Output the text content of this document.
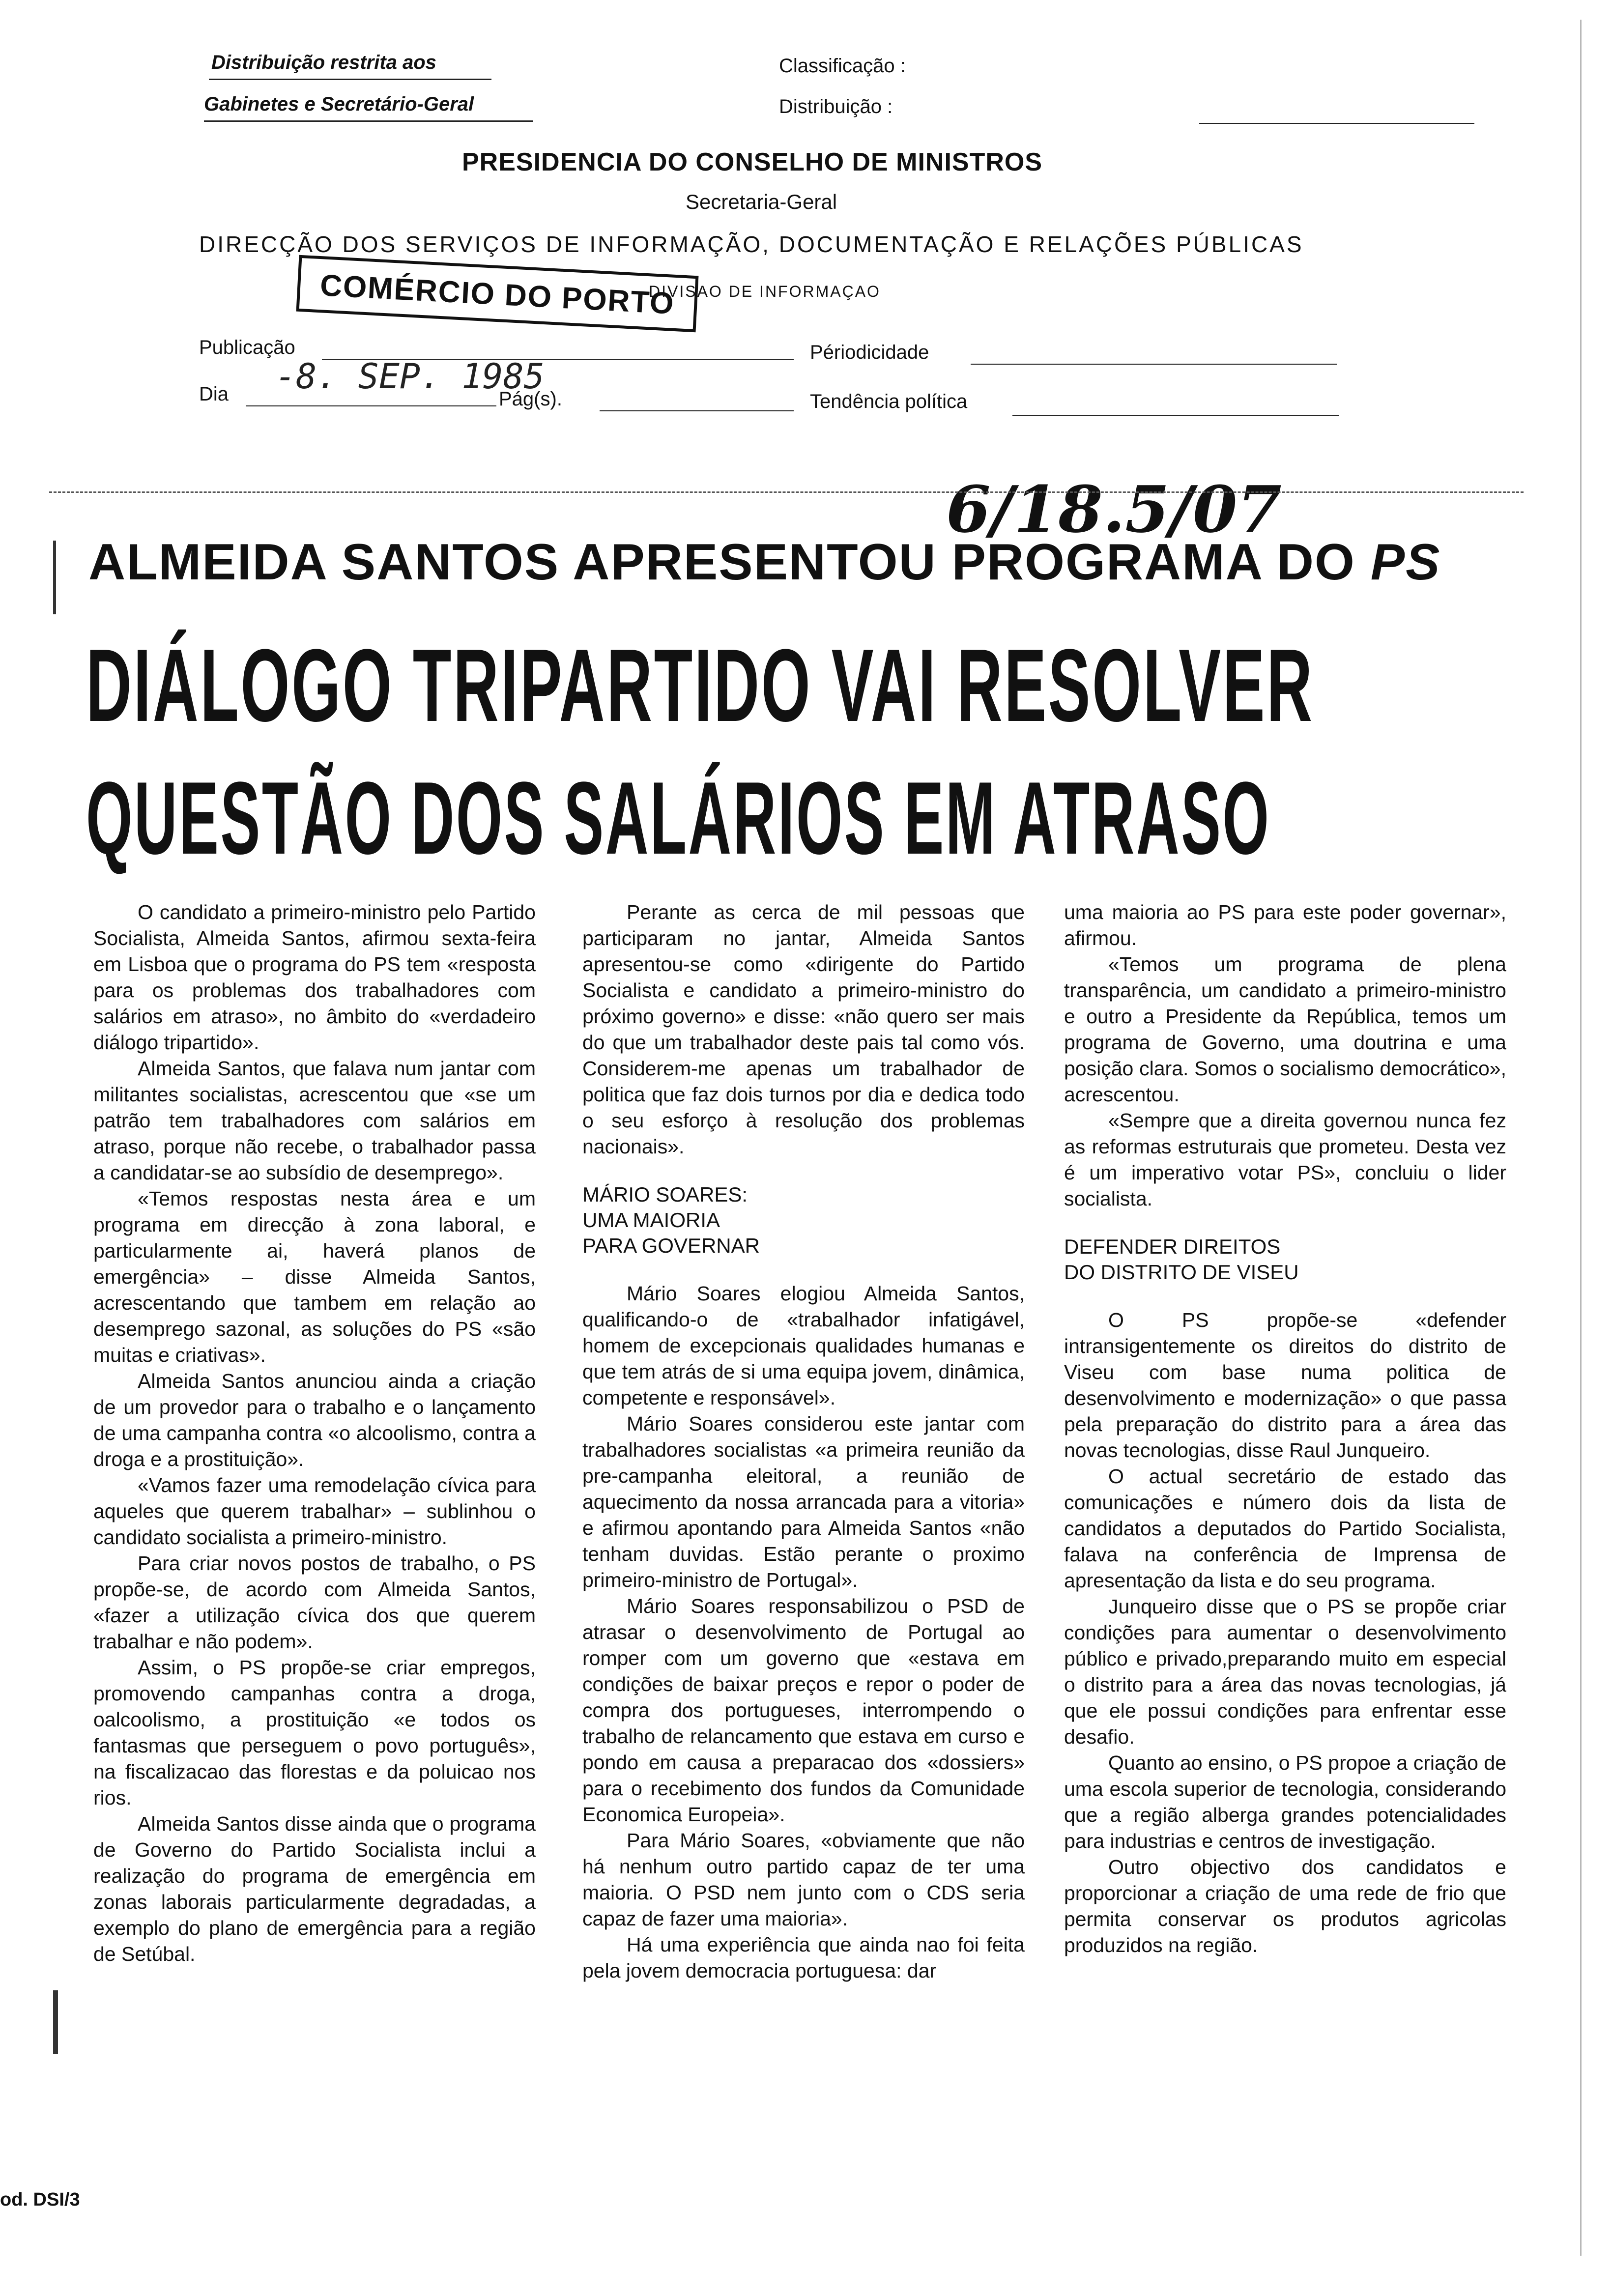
Distribuição restrita aos
Gabinetes e Secretário-Geral
Classificação :
Distribuição :
PRESIDENCIA DO CONSELHO DE MINISTROS
Secretaria-Geral
DIRECÇÃO DOS SERVIÇOS DE INFORMAÇÃO, DOCUMENTAÇÃO E RELAÇÕES PÚBLICAS
COMÉRCIO DO PORTO
DIVISAO DE INFORMAÇAO
Publicação	Périodicidade
Dia -8. SEP. 1985
Pág(s).	Tendência política
6/18.5/07
ALMEIDA SANTOS APRESENTOU PROGRAMA DO PS
DIÁLOGO TRIPARTIDO VAI RESOLVER
QUESTÃO DOS SALÁRIOS EM ATRASO

O candidato a primeiro-ministro pelo Partido Socialista, Almeida Santos, afirmou sexta-feira em Lisboa que o programa do PS tem «resposta para os problemas dos trabalhadores com salários em atraso», no âmbito do «verdadeiro diálogo tripartido».

Almeida Santos, que falava num jantar com militantes socialistas, acrescentou que «se um patrão tem trabalhadores com salários em atraso, porque não recebe, o trabalhador passa a candidatar-se ao subsídio de desemprego».

«Temos respostas nesta área e um programa em direcção à zona laboral, e particularmente ai, haverá planos de emergência» – disse Almeida Santos, acrescentando que tambem em relação ao desemprego sazonal, as soluções do PS «são muitas e criativas».

Almeida Santos anunciou ainda a criação de um provedor para o trabalho e o lançamento de uma campanha contra «o alcoolismo, contra a droga e a prostituição».

«Vamos fazer uma remodelação cívica para aqueles que querem trabalhar» – sublinhou o candidato socialista a primeiro-ministro.

Para criar novos postos de trabalho, o PS propõe-se, de acordo com Almeida Santos, «fazer a utilização cívica dos que querem trabalhar e não podem».

Assim, o PS propõe-se criar empregos, promovendo campanhas contra a droga, oalcoolismo, a prostituição «e todos os fantasmas que perseguem o povo português», na fiscalizacao das florestas e da poluicao nos rios.

Almeida Santos disse ainda que o programa de Governo do Partido Socialista inclui a realização do programa de emergência em zonas laborais particularmente degradadas, a exemplo do plano de emergência para a região de Setúbal.

Perante as cerca de mil pessoas que participaram no jantar, Almeida Santos apresentou-se como «dirigente do Partido Socialista e candidato a primeiro-ministro do próximo governo» e disse: «não quero ser mais do que um trabalhador deste pais tal como vós. Considerem-me apenas um trabalhador de politica que faz dois turnos por dia e dedica todo o seu esforço à resolução dos problemas nacionais».

MÁRIO SOARES:
UMA MAIORIA
PARA GOVERNAR

Mário Soares elogiou Almeida Santos, qualificando-o de «trabalhador infatigável, homem de excepcionais qualidades humanas e que tem atrás de si uma equipa jovem, dinâmica, competente e responsável».

Mário Soares considerou este jantar com trabalhadores socialistas «a primeira reunião da pre-campanha eleitoral, a reunião de aquecimento da nossa arrancada para a vitoria» e afirmou apontando para Almeida Santos «não tenham duvidas. Estão perante o proximo primeiro-ministro de Portugal».

Mário Soares responsabilizou o PSD de atrasar o desenvolvimento de Portugal ao romper com um governo que «estava em condições de baixar preços e repor o poder de compra dos portugueses, interrompendo o trabalho de relancamento que estava em curso e pondo em causa a preparacao dos «dossiers» para o recebimento dos fundos da Comunidade Economica Europeia».

Para Mário Soares, «obviamente que não há nenhum outro partido capaz de ter uma maioria. O PSD nem junto com o CDS seria capaz de fazer uma maioria».

Há uma experiência que ainda nao foi feita pela jovem democracia portuguesa: dar

uma maioria ao PS para este poder governar», afirmou.

«Temos um programa de plena transparência, um candidato a primeiro-ministro e outro a Presidente da República, temos um programa de Governo, uma doutrina e uma posição clara. Somos o socialismo democrático», acrescentou.

«Sempre que a direita governou nunca fez as reformas estruturais que prometeu. Desta vez é um imperativo votar PS», concluiu o lider socialista.

DEFENDER DIREITOS
DO DISTRITO DE VISEU

O PS propõe-se «defender intransigentemente os direitos do distrito de Viseu com base numa politica de desenvolvimento e modernização» o que passa pela preparação do distrito para a área das novas tecnologias, disse Raul Junqueiro.

O actual secretário de estado das comunicações e número dois da lista de candidatos a deputados do Partido Socialista, falava na conferência de Imprensa de apresentação da lista e do seu programa.

Junqueiro disse que o PS se propõe criar condições para aumentar o desenvolvimento público e privado,preparando muito em especial o distrito para a área das novas tecnologias, já que ele possui condições para enfrentar esse desafio.

Quanto ao ensino, o PS propoe a criação de uma escola superior de tecnologia, considerando que a região alberga grandes potencialidades para industrias e centros de investigação.

Outro objectivo dos candidatos e proporcionar a criação de uma rede de frio que permita conservar os produtos agricolas produzidos na região.

od. DSI/3
